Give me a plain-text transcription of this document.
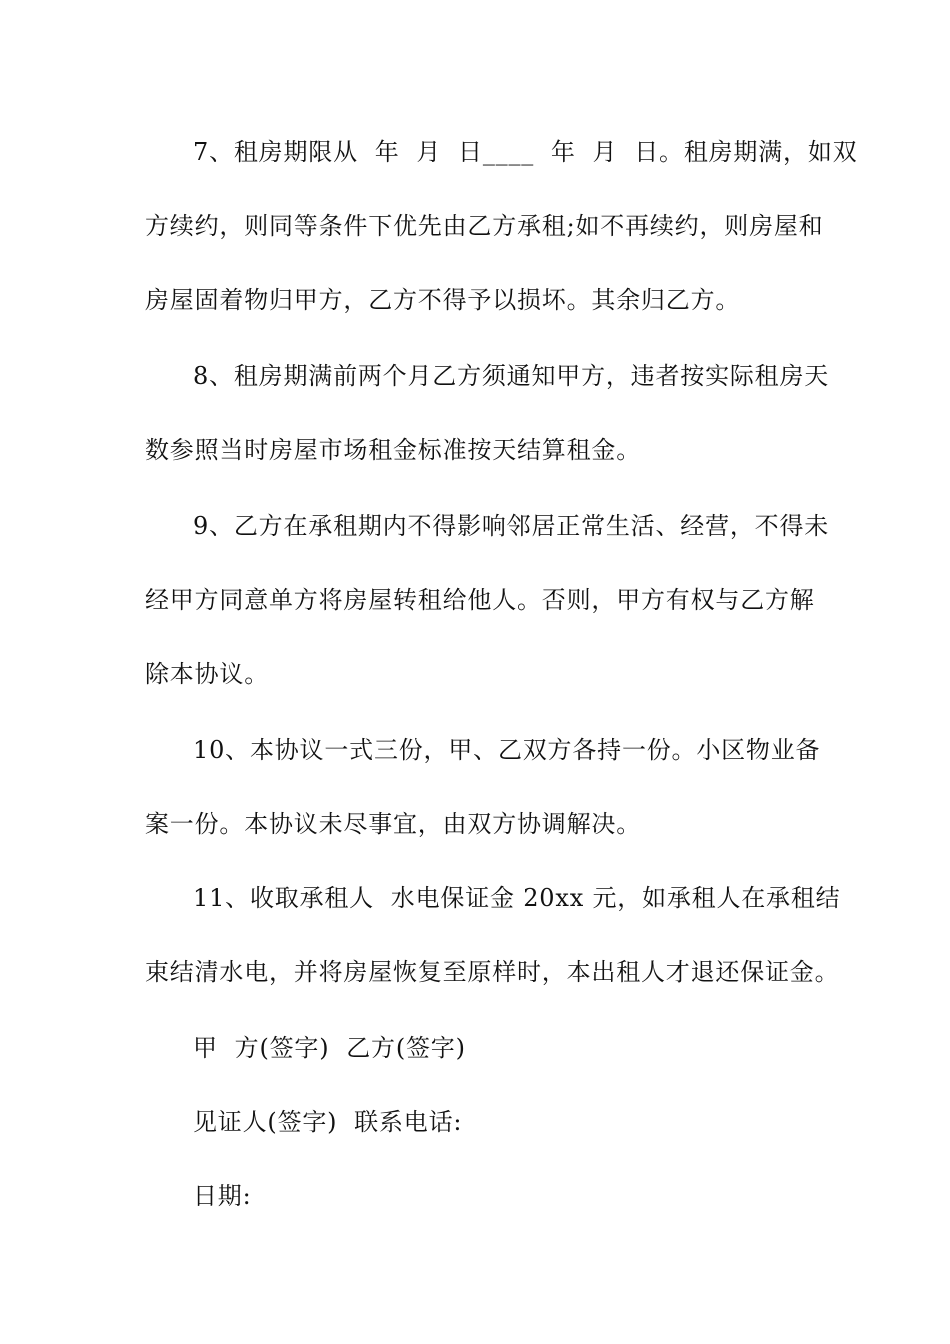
7、租房期限从  年  月  日____  年  月  日。租房期满，如双
方续约，则同等条件下优先由乙方承租;如不再续约，则房屋和
房屋固着物归甲方，乙方不得予以损坏。其余归乙方。
8、租房期满前两个月乙方须通知甲方，违者按实际租房天
数参照当时房屋市场租金标准按天结算租金。
9、乙方在承租期内不得影响邻居正常生活、经营，不得未
经甲方同意单方将房屋转租给他人。否则，甲方有权与乙方解
除本协议。
10、本协议一式三份，甲、乙双方各持一份。小区物业备
案一份。本协议未尽事宜，由双方协调解决。
11、收取承租人  水电保证金 20xx 元，如承租人在承租结
束结清水电，并将房屋恢复至原样时，本出租人才退还保证金。
甲  方(签字)  乙方(签字)
见证人(签字)  联系电话:
日期:
